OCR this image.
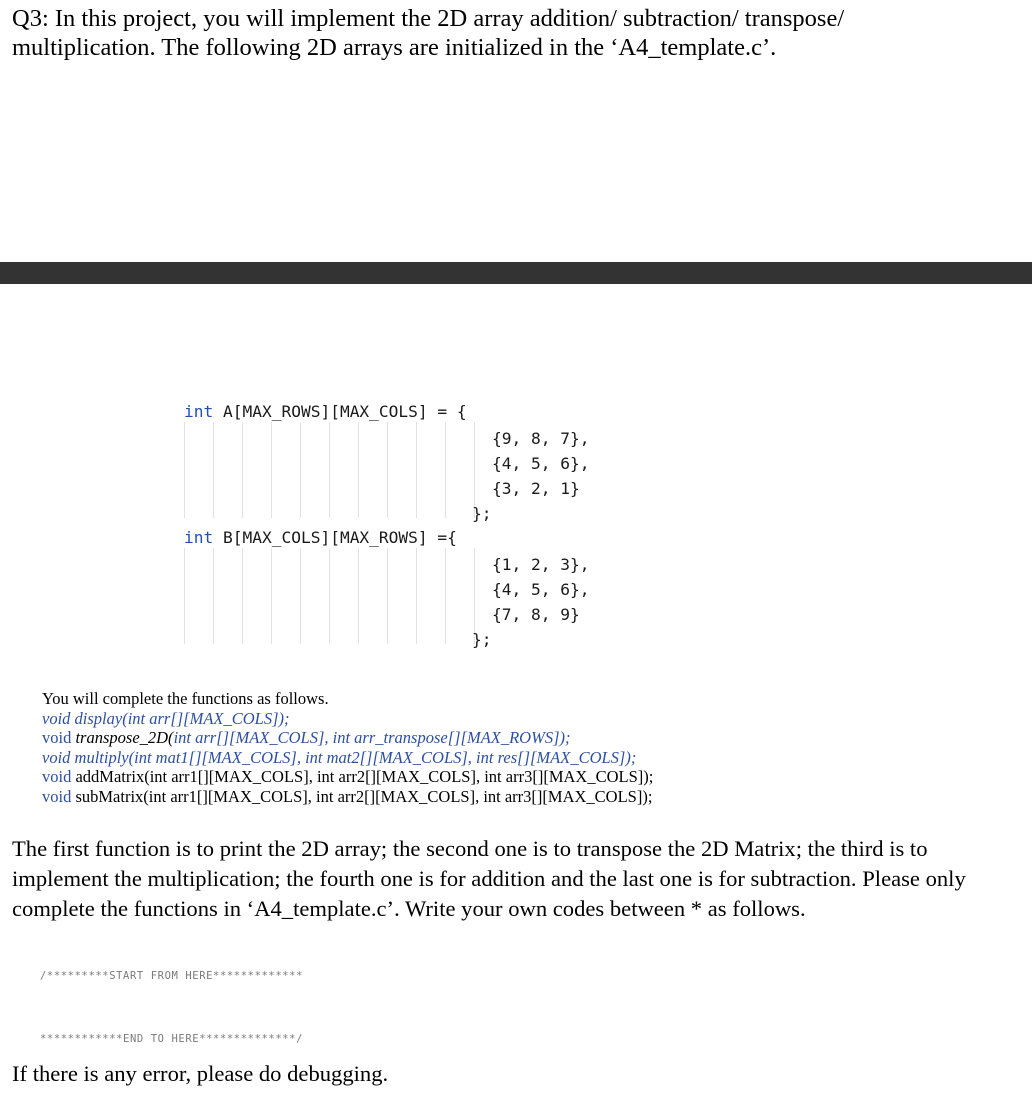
Q3: In this project, you will implement the 2D array addition/ subtraction/ transpose/

multiplication. The following 2D arrays are initialized in the ‘A4_template.c’.

int A[MAX_ROWS][MAX_COLS] = {
{9, 8, 7},
{4, 5, 6},
{3, 2, 1}
};
int B[MAX_COLS][MAX_ROWS] ={
{1, 2, 3},
{4, 5, 6},
{7, 8, 9}
};
You will complete the functions as follows.
void display(int arr[][MAX_COLS]);
void transpose_2D(int arr[][MAX_COLS], int arr_transpose[][MAX_ROWS]);
void multiply(int mat1[][MAX_COLS], int mat2[][MAX_COLS], int res[][MAX_COLS]);
void addMatrix(int arr1[][MAX_COLS], int arr2[][MAX_COLS], int arr3[][MAX_COLS]);
void subMatrix(int arr1[][MAX_COLS], int arr2[][MAX_COLS], int arr3[][MAX_COLS]);

The first function is to print the 2D array; the second one is to transpose the 2D Matrix; the third is to implement the multiplication; the fourth one is for addition and the last one is for subtraction. Please only complete the functions in ‘A4_template.c’. Write your own codes between * as follows.

/*********START FROM HERE*************
************END TO HERE**************/

If there is any error, please do debugging.
